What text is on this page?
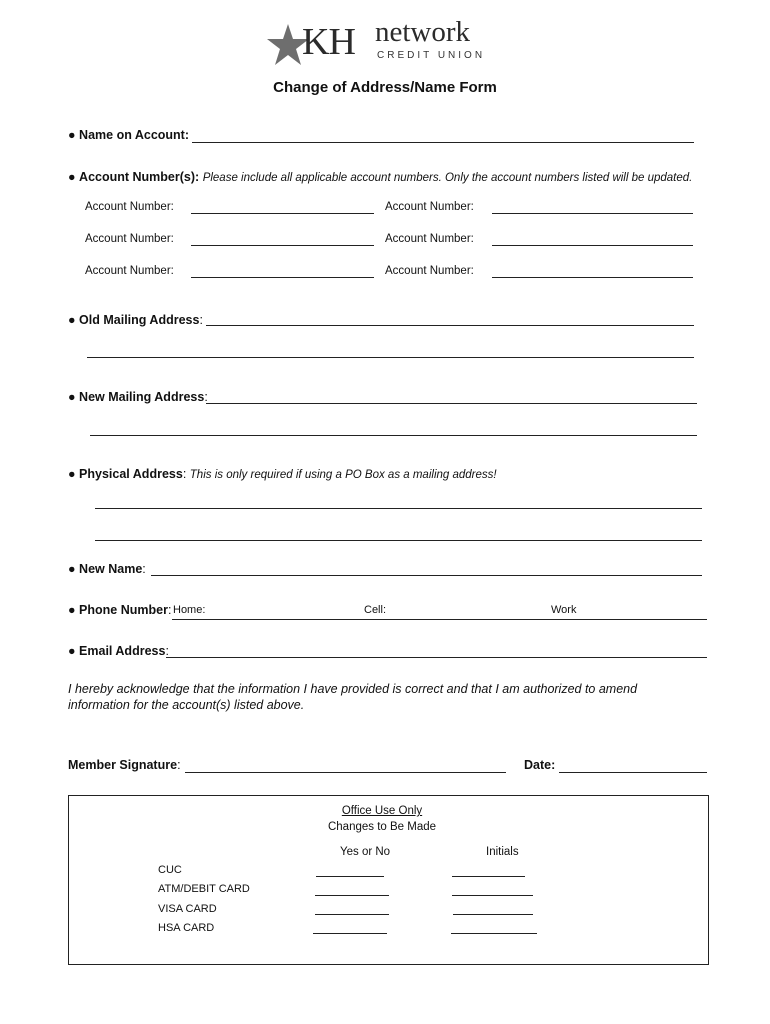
KH network
CREDIT UNION
Change of Address/Name Form
● Name on Account:
● Account Number(s): Please include all applicable account numbers. Only the account numbers listed will be updated.
Account Number:	Account Number:
Account Number:	Account Number:
Account Number:	Account Number:
● Old Mailing Address:
● New Mailing Address:
● Physical Address: This is only required if using a PO Box as a mailing address!
● New Name:
● Phone Number: Home:	Cell:	Work
● Email Address:
I hereby acknowledge that the information I have provided is correct and that I am authorized to amend information for the account(s) listed above.
Member Signature:	Date:
Office Use Only
Changes to Be Made
Yes or No	Initials
CUC
ATM/DEBIT CARD
VISA CARD
HSA CARD
